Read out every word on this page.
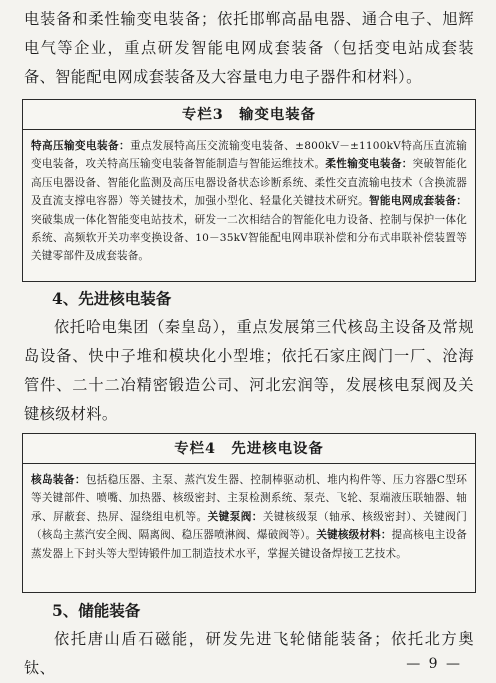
电装备和柔性输变电装备；依托邯郸高晶电器、通合电子、旭辉电气等企业，重点研发智能电网成套装备（包括变电站成套装备、智能配电网成套装备及大容量电力电子器件和材料）。

专栏3　输变电装备

特高压输变电装备：重点发展特高压交流输变电装备、±800kV－±1100kV特高压直流输变电装备，攻关特高压输变电装备智能制造与智能运维技术。柔性输变电装备：突破智能化高压电器设备、智能化监测及高压电器设备状态诊断系统、柔性交直流输电技术（含换流器及直流支撑电容器）等关键技术，加强小型化、轻量化关键技术研究。智能电网成套装备：突破集成一体化智能变电站技术，研发一二次相结合的智能化电力设备、控制与保护一体化系统、高频软开关功率变换设备、10－35kV智能配电网串联补偿和分布式串联补偿装置等关键零部件及成套装备。

4、先进核电装备

依托哈电集团（秦皇岛），重点发展第三代核岛主设备及常规岛设备、快中子堆和模块化小型堆；依托石家庄阀门一厂、沧海管件、二十二冶精密锻造公司、河北宏润等，发展核电泵阀及关键核级材料。

专栏4　先进核电设备

核岛装备：包括稳压器、主泵、蒸汽发生器、控制棒驱动机、堆内构件等、压力容器C型环等关键部件、喷嘴、加热器、核级密封、主泵检测系统、泵壳、飞轮、泵端液压联轴器、轴承、屏蔽套、热屏、湿绕组电机等。关键泵阀：关键核级泵（轴承、核级密封）、关键阀门（核岛主蒸汽安全阀、隔离阀、稳压器喷淋阀、爆破阀等）。关键核级材料：提高核电主设备蒸发器上下封头等大型铸锻件加工制造技术水平，掌握关键设备焊接工艺技术。

5、储能装备

依托唐山盾石磁能，研发先进飞轮储能装备；依托北方奥钛、	— 9 —
